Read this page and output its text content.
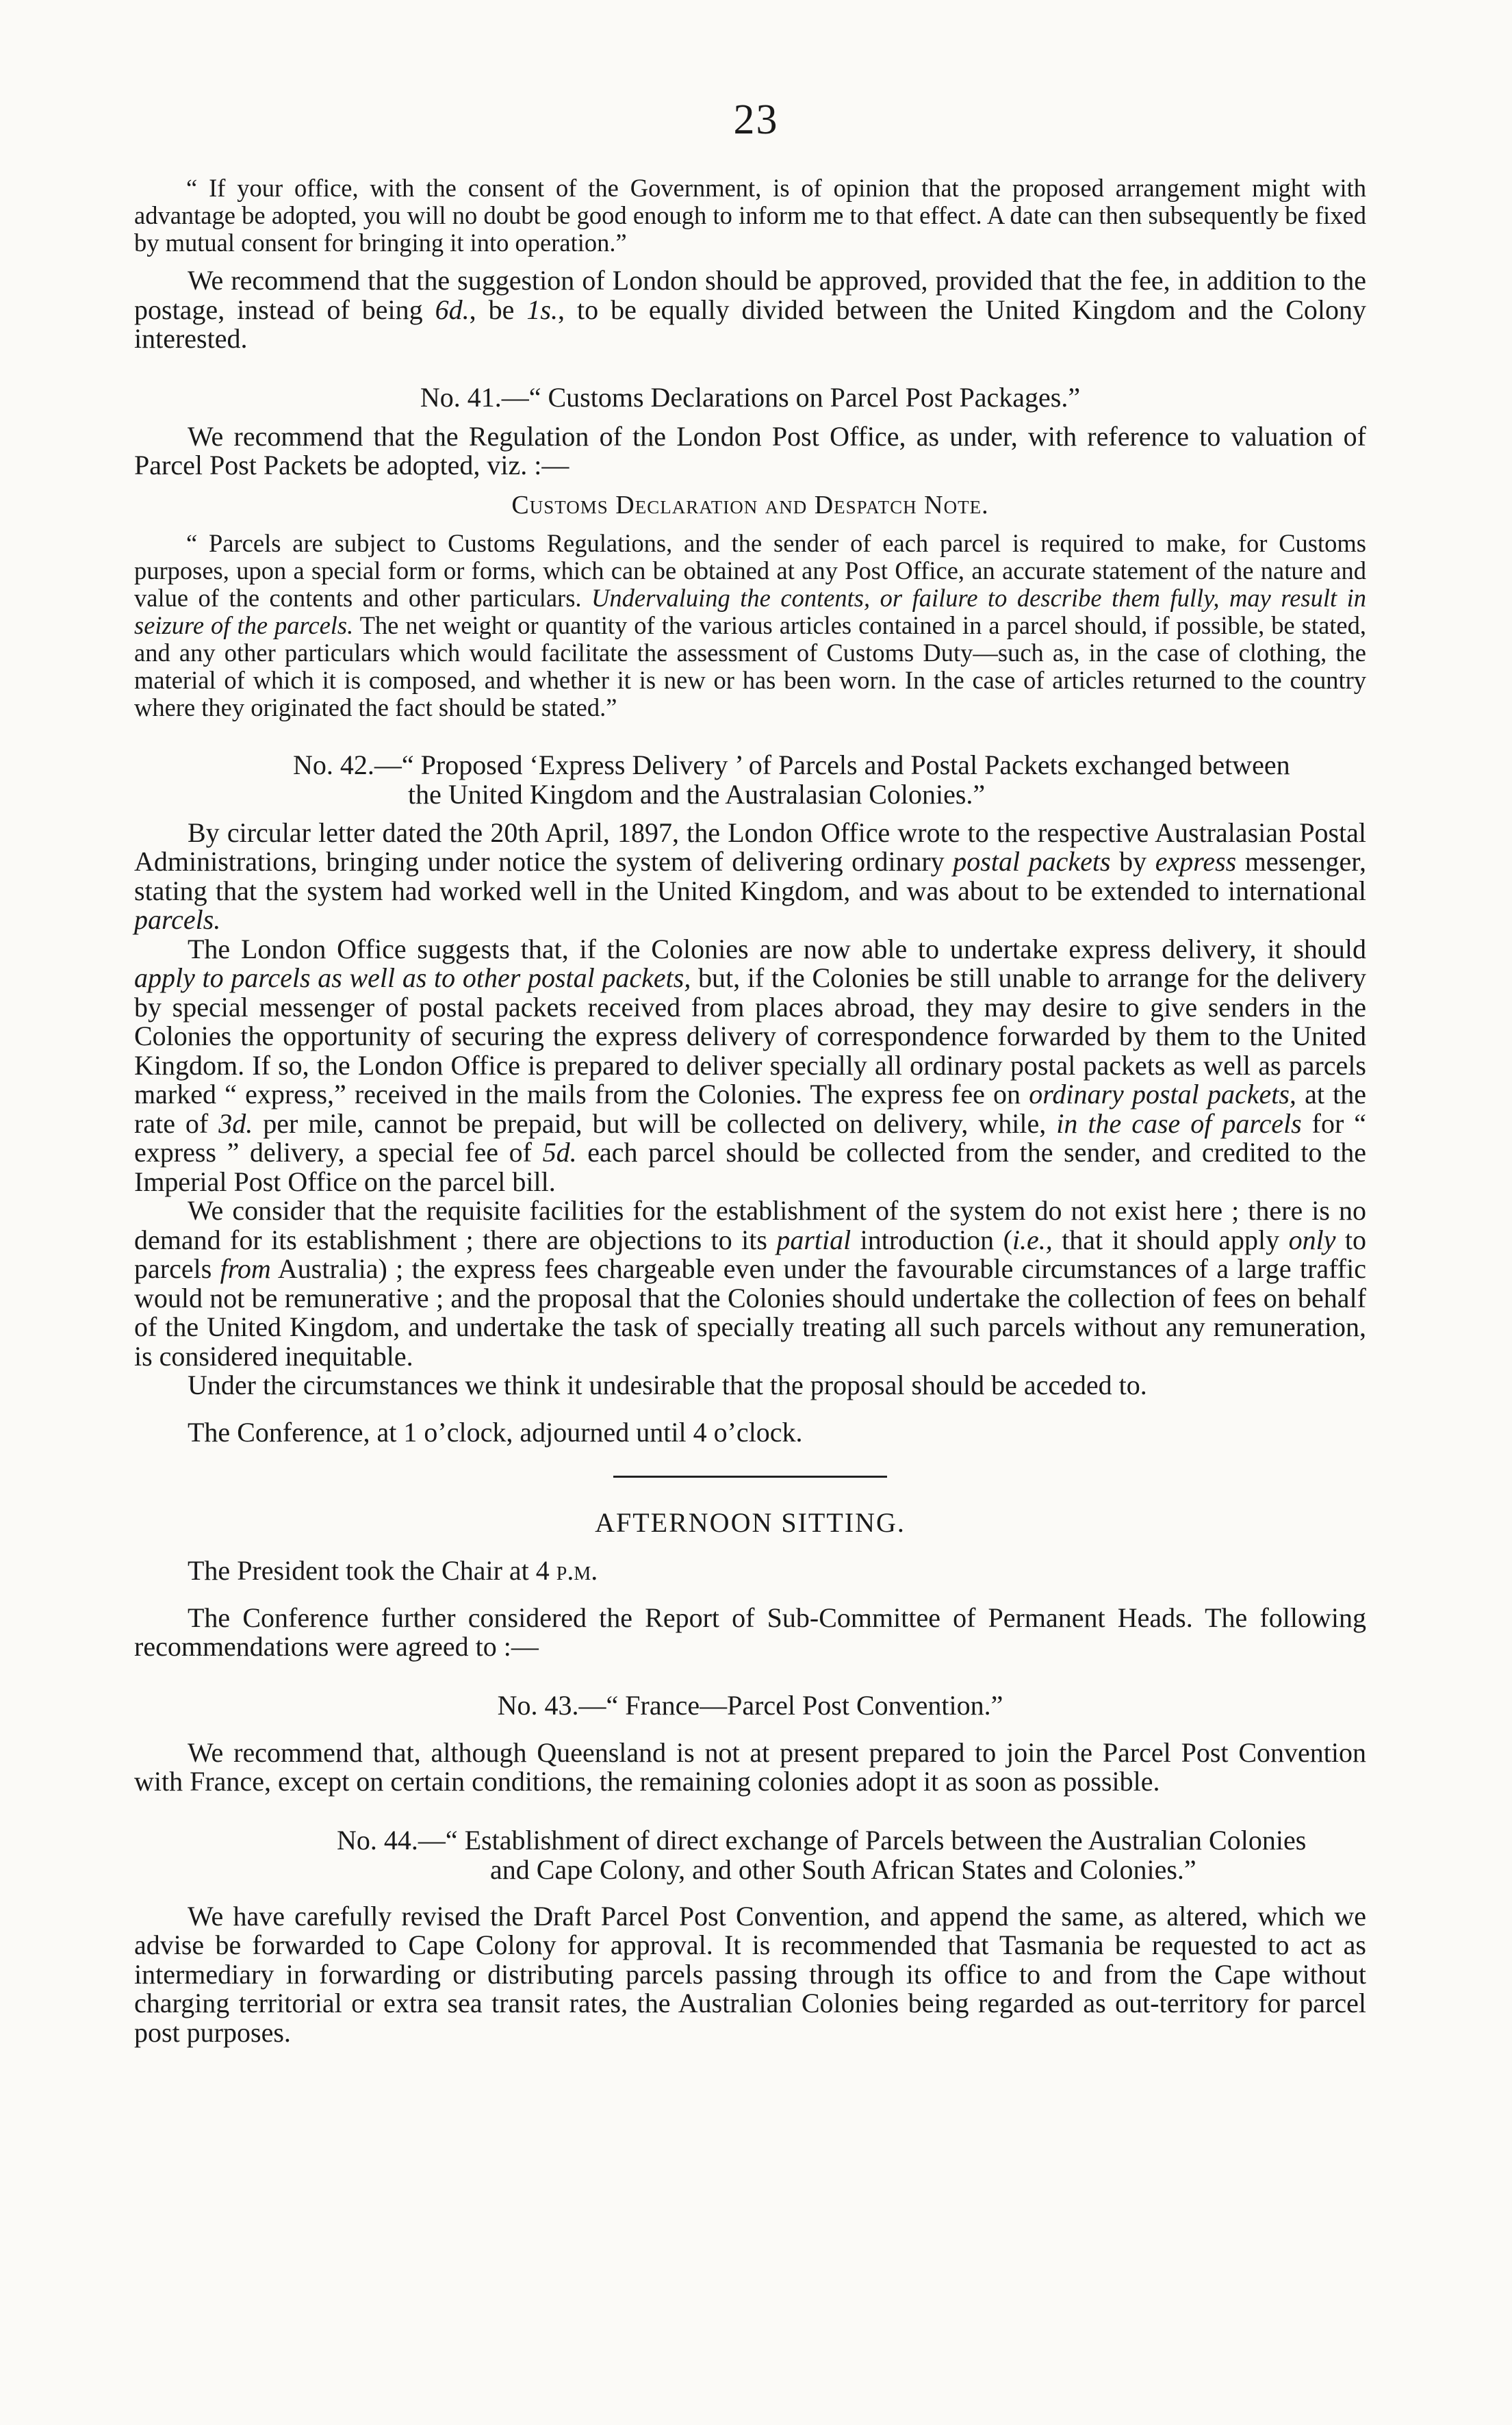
23

“ If your office, with the consent of the Government, is of opinion that the proposed arrangement might with advantage be adopted, you will no doubt be good enough to inform me to that effect. A date can then subsequently be fixed by mutual consent for bringing it into operation.”

We recommend that the suggestion of London should be approved, provided that the fee, in addition to the postage, instead of being 6d., be 1s., to be equally divided between the United Kingdom and the Colony interested.

No. 41.—“ Customs Declarations on Parcel Post Packages.”

We recommend that the Regulation of the London Post Office, as under, with reference to valuation of Parcel Post Packets be adopted, viz. :—

Customs Declaration and Despatch Note.

“ Parcels are subject to Customs Regulations, and the sender of each parcel is required to make, for Customs purposes, upon a special form or forms, which can be obtained at any Post Office, an accurate statement of the nature and value of the contents and other particulars. Undervaluing the contents, or failure to describe them fully, may result in seizure of the parcels. The net weight or quantity of the various articles contained in a parcel should, if possible, be stated, and any other particulars which would facilitate the assessment of Customs Duty—such as, in the case of clothing, the material of which it is composed, and whether it is new or has been worn. In the case of articles returned to the country where they originated the fact should be stated.”

No. 42.—“ Proposed ‘Express Delivery ’ of Parcels and Postal Packets exchanged between the United Kingdom and the Australasian Colonies.”

By circular letter dated the 20th April, 1897, the London Office wrote to the respective Australasian Postal Administrations, bringing under notice the system of delivering ordinary postal packets by express messenger, stating that the system had worked well in the United Kingdom, and was about to be extended to international parcels.

The London Office suggests that, if the Colonies are now able to undertake express delivery, it should apply to parcels as well as to other postal packets, but, if the Colonies be still unable to arrange for the delivery by special messenger of postal packets received from places abroad, they may desire to give senders in the Colonies the opportunity of securing the express delivery of correspondence forwarded by them to the United Kingdom. If so, the London Office is prepared to deliver specially all ordinary postal packets as well as parcels marked “ express,” received in the mails from the Colonies. The express fee on ordinary postal packets, at the rate of 3d. per mile, cannot be prepaid, but will be collected on delivery, while, in the case of parcels for “ express ” delivery, a special fee of 5d. each parcel should be collected from the sender, and credited to the Imperial Post Office on the parcel bill.

We consider that the requisite facilities for the establishment of the system do not exist here ; there is no demand for its establishment ; there are objections to its partial introduction (i.e., that it should apply only to parcels from Australia) ; the express fees chargeable even under the favourable circumstances of a large traffic would not be remunerative ; and the proposal that the Colonies should undertake the collection of fees on behalf of the United Kingdom, and undertake the task of specially treating all such parcels without any remuneration, is considered inequitable.

Under the circumstances we think it undesirable that the proposal should be acceded to.

The Conference, at 1 o’clock, adjourned until 4 o’clock.

AFTERNOON SITTING.

The President took the Chair at 4 p.m.

The Conference further considered the Report of Sub-Committee of Permanent Heads. The following recommendations were agreed to :—

No. 43.—“ France—Parcel Post Convention.”

We recommend that, although Queensland is not at present prepared to join the Parcel Post Convention with France, except on certain conditions, the remaining colonies adopt it as soon as possible.

No. 44.—“ Establishment of direct exchange of Parcels between the Australian Colonies and Cape Colony, and other South African States and Colonies.”

We have carefully revised the Draft Parcel Post Convention, and append the same, as altered, which we advise be forwarded to Cape Colony for approval. It is recommended that Tasmania be requested to act as intermediary in forwarding or distributing parcels passing through its office to and from the Cape without charging territorial or extra sea transit rates, the Australian Colonies being regarded as out-territory for parcel post purposes.
